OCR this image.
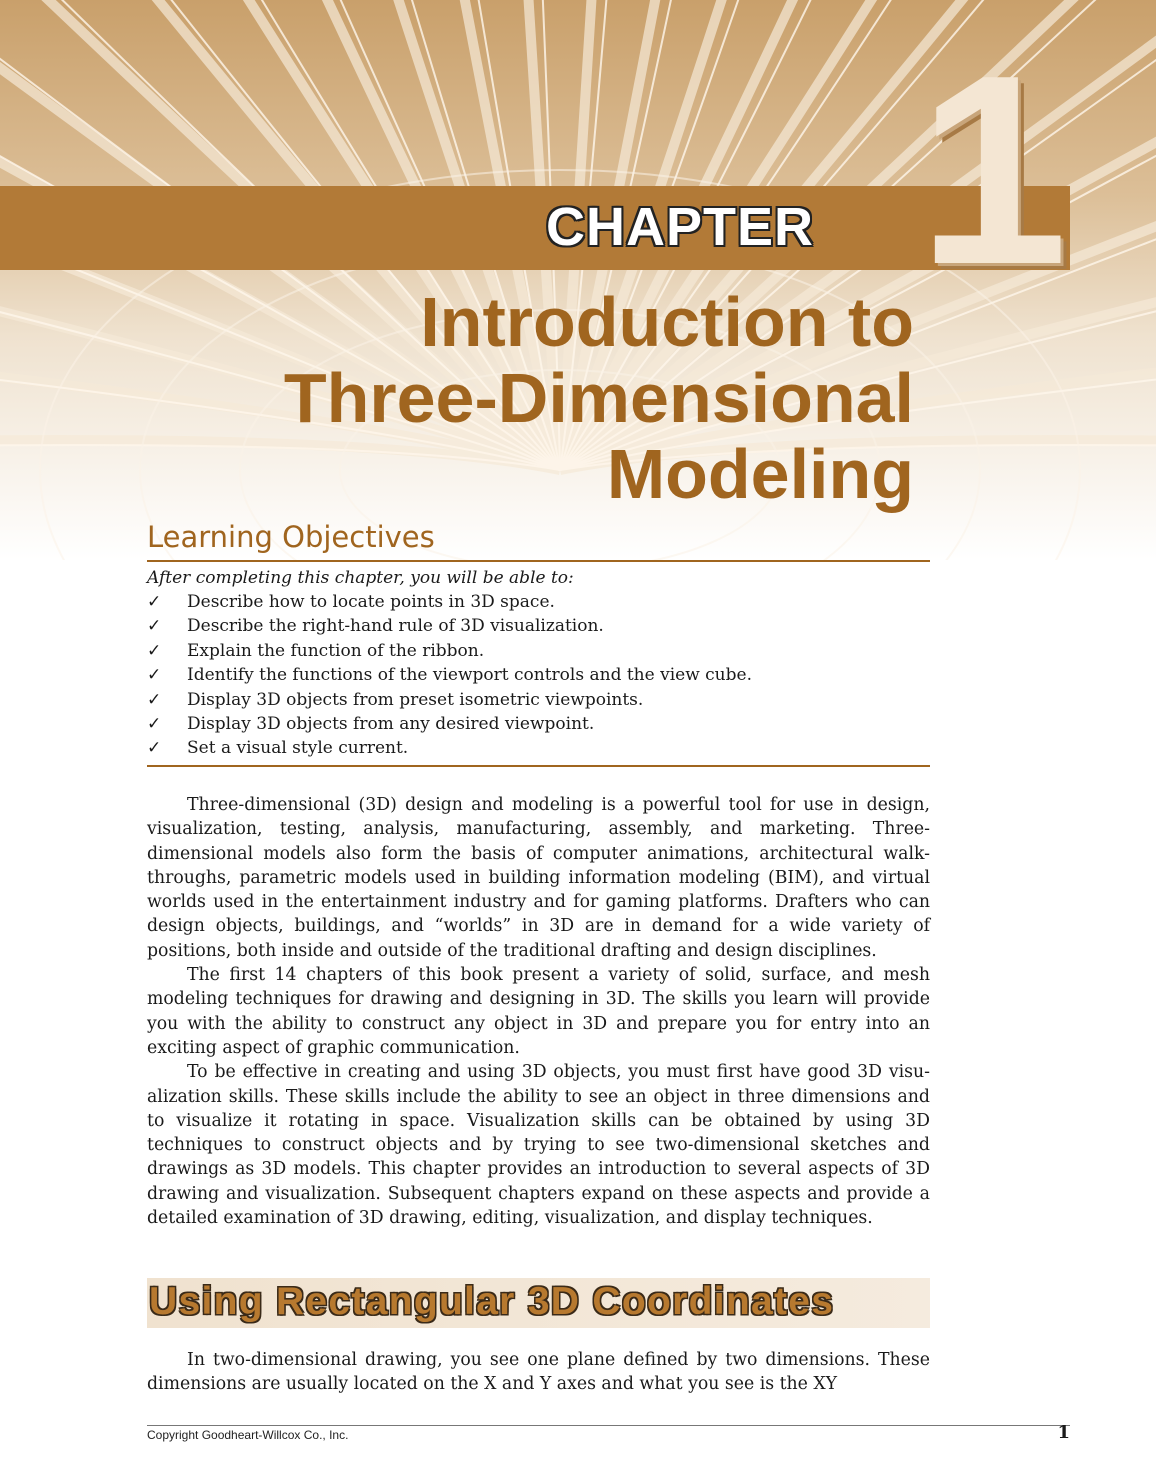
CHAPTER 1
Introduction to
Three-Dimensional
Modeling
Learning Objectives
After completing this chapter, you will be able to:
✓	Describe how to locate points in 3D space.
✓	Describe the right-hand rule of 3D visualization.
✓	Explain the function of the ribbon.
✓	Identify the functions of the viewport controls and the view cube.
✓	Display 3D objects from preset isometric viewpoints.
✓	Display 3D objects from any desired viewpoint.
✓	Set a visual style current.

Three-dimensional (3D) design and modeling is a powerful tool for use in design, visualization, testing, analysis, manufacturing, assembly, and marketing. Three-dimensional models also form the basis of computer animations, architectural walk-throughs, parametric models used in building information modeling (BIM), and virtual worlds used in the entertainment industry and for gaming platforms. Drafters who can design objects, buildings, and “worlds” in 3D are in demand for a wide variety of positions, both inside and outside of the traditional drafting and design disciplines.

The first 14 chapters of this book present a variety of solid, surface, and mesh modeling techniques for drawing and designing in 3D. The skills you learn will provide you with the ability to construct any object in 3D and prepare you for entry into an exciting aspect of graphic communication.

To be effective in creating and using 3D objects, you must first have good 3D visu-alization skills. These skills include the ability to see an object in three dimensions and to visualize it rotating in space. Visualization skills can be obtained by using 3D techniques to construct objects and by trying to see two-dimensional sketches and drawings as 3D models. This chapter provides an introduction to several aspects of 3D drawing and visualization. Subsequent chapters expand on these aspects and provide a detailed examination of 3D drawing, editing, visualization, and display techniques.

Using Rectangular 3D Coordinates

In two-dimensional drawing, you see one plane defined by two dimensions. These dimensions are usually located on the X and Y axes and what you see is the XY

Copyright Goodheart-Willcox Co., Inc.	1
